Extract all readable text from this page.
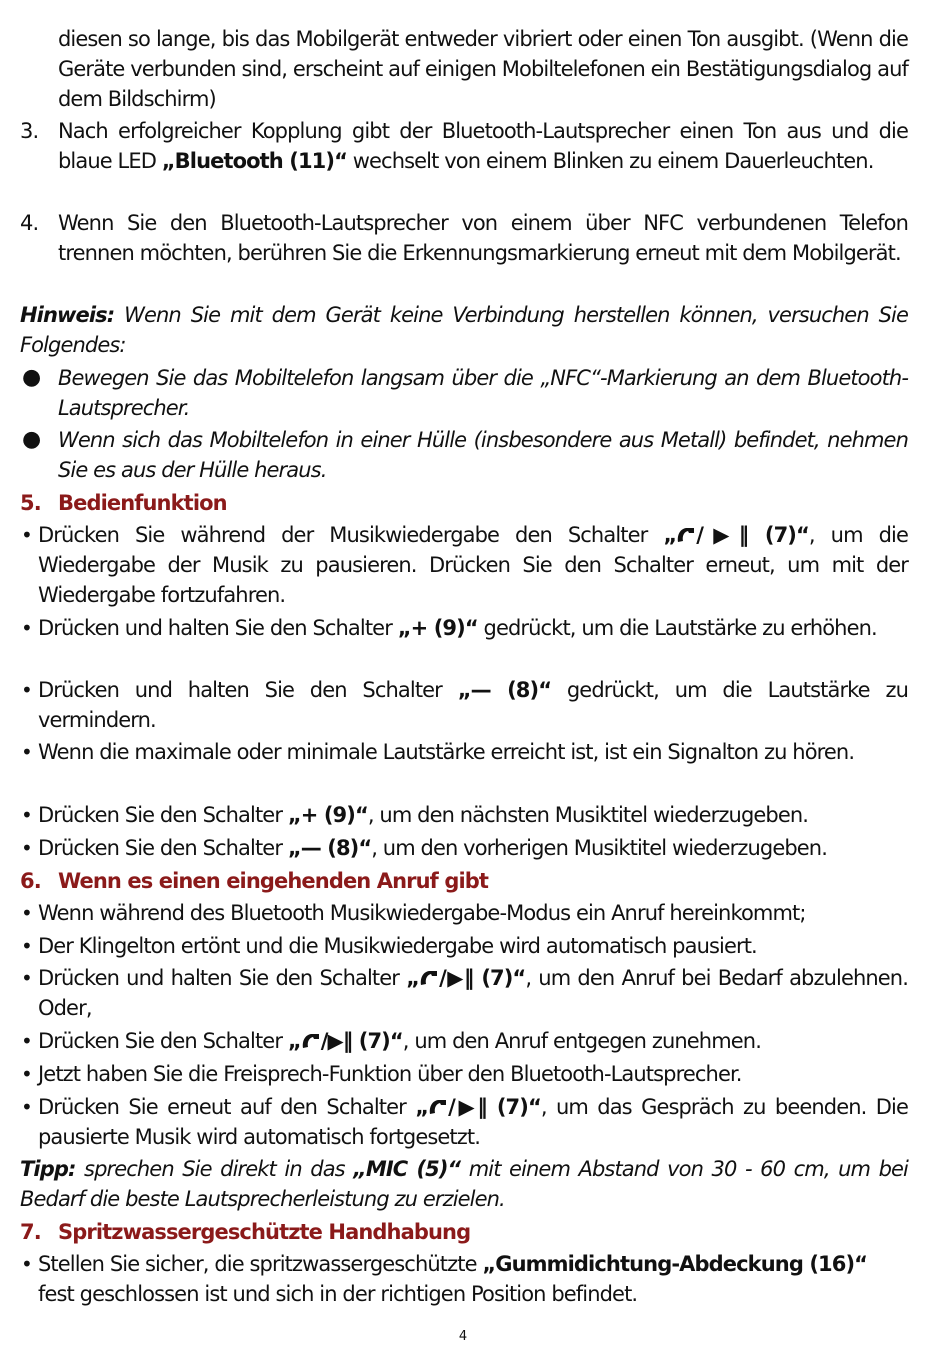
diesen so lange, bis das Mobilgerät entweder vibriert oder einen Ton ausgibt. (Wenn die Geräte verbunden sind, erscheint auf einigen Mobiltelefonen ein Bestätigungsdialog auf dem Bildschirm)
3. Nach erfolgreicher Kopplung gibt der Bluetooth-Lautsprecher einen Ton aus und die blaue LED „Bluetooth (11)“ wechselt von einem Blinken zu einem Dauerleuchten.
4. Wenn Sie den Bluetooth-Lautsprecher von einem über NFC verbundenen Telefon trennen möchten, berühren Sie die Erkennungsmarkierung erneut mit dem Mobilgerät.
Hinweis: Wenn Sie mit dem Gerät keine Verbindung herstellen können, versuchen Sie Folgendes:
● Bewegen Sie das Mobiltelefon langsam über die „NFC“-Markierung an dem Bluetooth-Lautsprecher.
● Wenn sich das Mobiltelefon in einer Hülle (insbesondere aus Metall) befindet, nehmen Sie es aus der Hülle heraus.
5. Bedienfunktion
• Drücken Sie während der Musikwiedergabe den Schalter „ /▶‖ (7)“, um die Wiedergabe der Musik zu pausieren. Drücken Sie den Schalter erneut, um mit der Wiedergabe fortzufahren.
• Drücken und halten Sie den Schalter „+ (9)“ gedrückt, um die Lautstärke zu erhöhen.
• Drücken und halten Sie den Schalter „— (8)“ gedrückt, um die Lautstärke zu vermindern.
• Wenn die maximale oder minimale Lautstärke erreicht ist, ist ein Signalton zu hören.
• Drücken Sie den Schalter „+ (9)“, um den nächsten Musiktitel wiederzugeben.
• Drücken Sie den Schalter „— (8)“, um den vorherigen Musiktitel wiederzugeben.
6. Wenn es einen eingehenden Anruf gibt
• Wenn während des Bluetooth Musikwiedergabe-Modus ein Anruf hereinkommt;
• Der Klingelton ertönt und die Musikwiedergabe wird automatisch pausiert.
• Drücken und halten Sie den Schalter „ /▶‖ (7)“, um den Anruf bei Bedarf abzulehnen. Oder,
• Drücken Sie den Schalter „ /▶‖ (7)“, um den Anruf entgegen zunehmen.
• Jetzt haben Sie die Freisprech-Funktion über den Bluetooth-Lautsprecher.
• Drücken Sie erneut auf den Schalter „ /▶‖ (7)“, um das Gespräch zu beenden. Die pausierte Musik wird automatisch fortgesetzt.
Tipp: sprechen Sie direkt in das „MIC (5)“ mit einem Abstand von 30 - 60 cm, um bei Bedarf die beste Lautsprecherleistung zu erzielen.
7. Spritzwassergeschützte Handhabung
• Stellen Sie sicher, die spritzwassergeschützte „Gummidichtung-Abdeckung (16)“ fest geschlossen ist und sich in der richtigen Position befindet.
4
